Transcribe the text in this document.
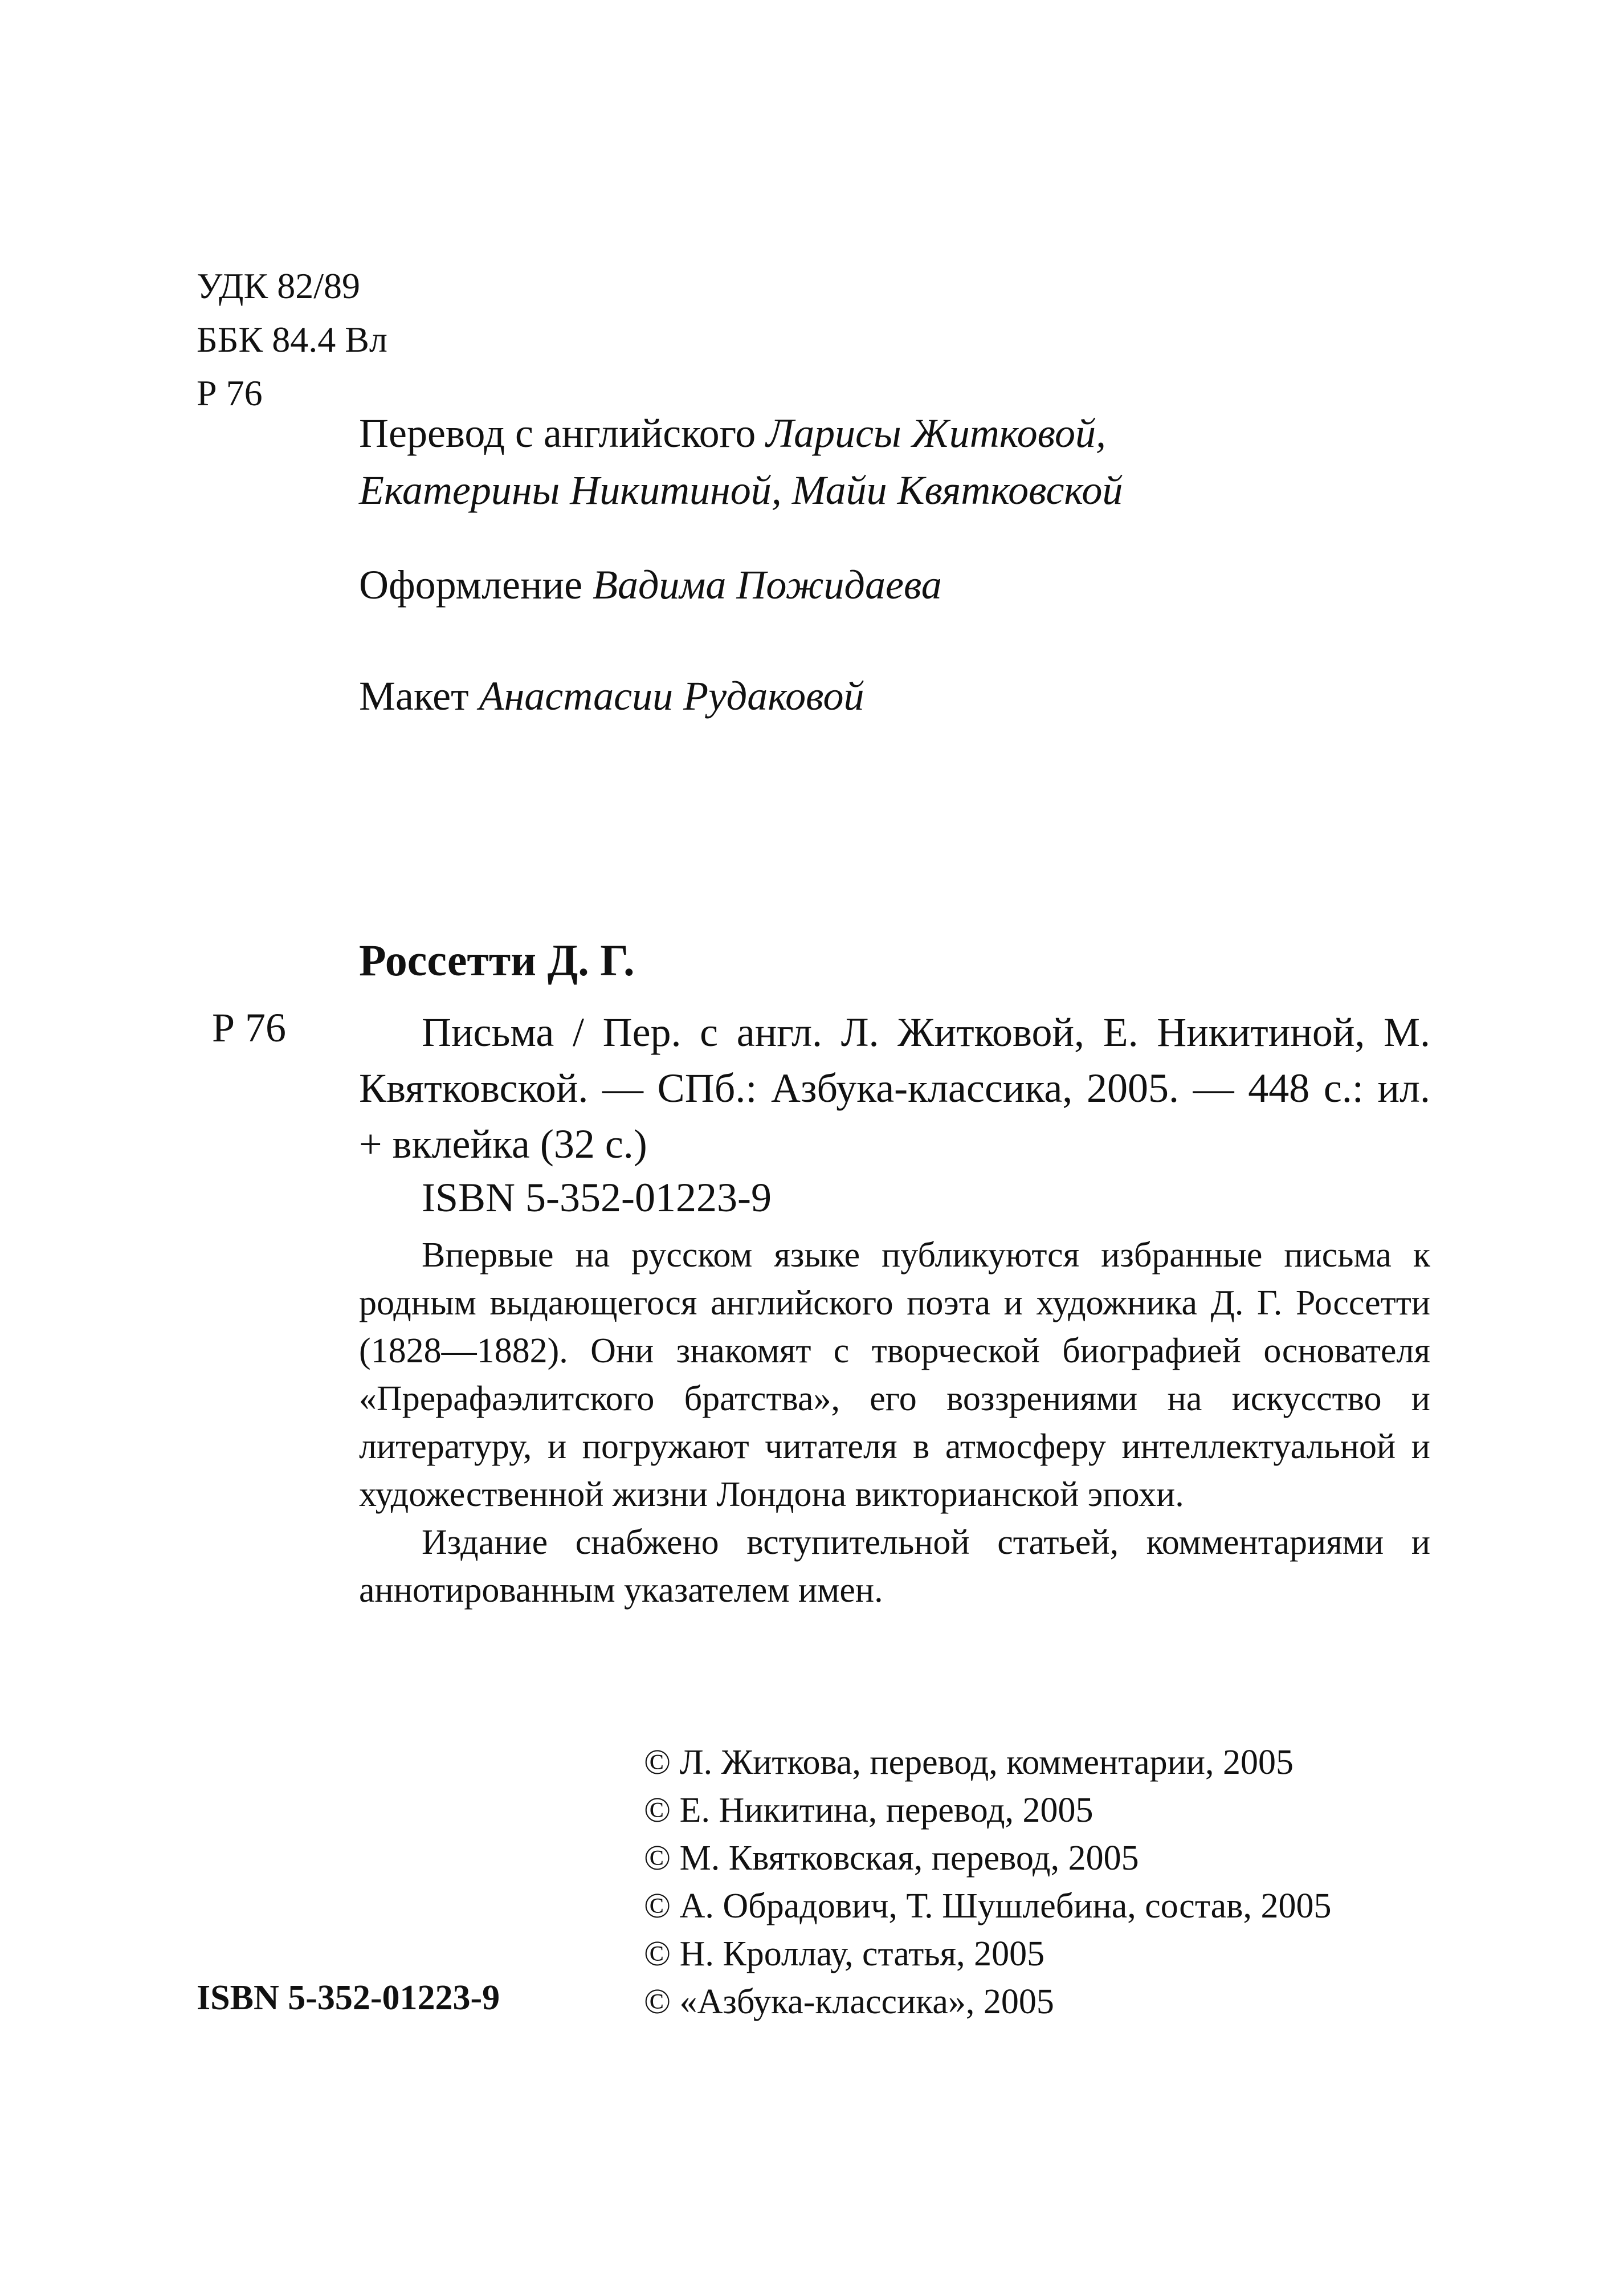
УДК 82/89
ББК 84.4 Вл
Р 76
Перевод с английского Ларисы Житковой,
Екатерины Никитиной, Майи Квятковской
Оформление Вадима Пожидаева
Макет Анастасии Рудаковой
Россетти Д. Г.
Р 76	Письма / Пер. с англ. Л. Житковой, Е. Никитиной, М. Квятковской. — СПб.: Азбука-классика, 2005. — 448 с.: ил. + вклейка (32 с.)
ISBN 5-352-01223-9

Впервые на русском языке публикуются избранные письма к родным выдающегося английского поэта и художника Д. Г. Россетти (1828—1882). Они знакомят с творческой биографией основателя «Прерафаэлитского братства», его воззрениями на искусство и литературу, и погружают читателя в атмосферу интеллектуальной и художественной жизни Лондона викторианской эпохи.

Издание снабжено вступительной статьей, комментариями и аннотированным указателем имен.

© Л. Житкова, перевод, комментарии, 2005
© Е. Никитина, перевод, 2005
© М. Квятковская, перевод, 2005
© А. Обрадович, Т. Шушлебина, состав, 2005
© Н. Кроллау, статья, 2005
© «Азбука-классика», 2005
ISBN 5-352-01223-9
